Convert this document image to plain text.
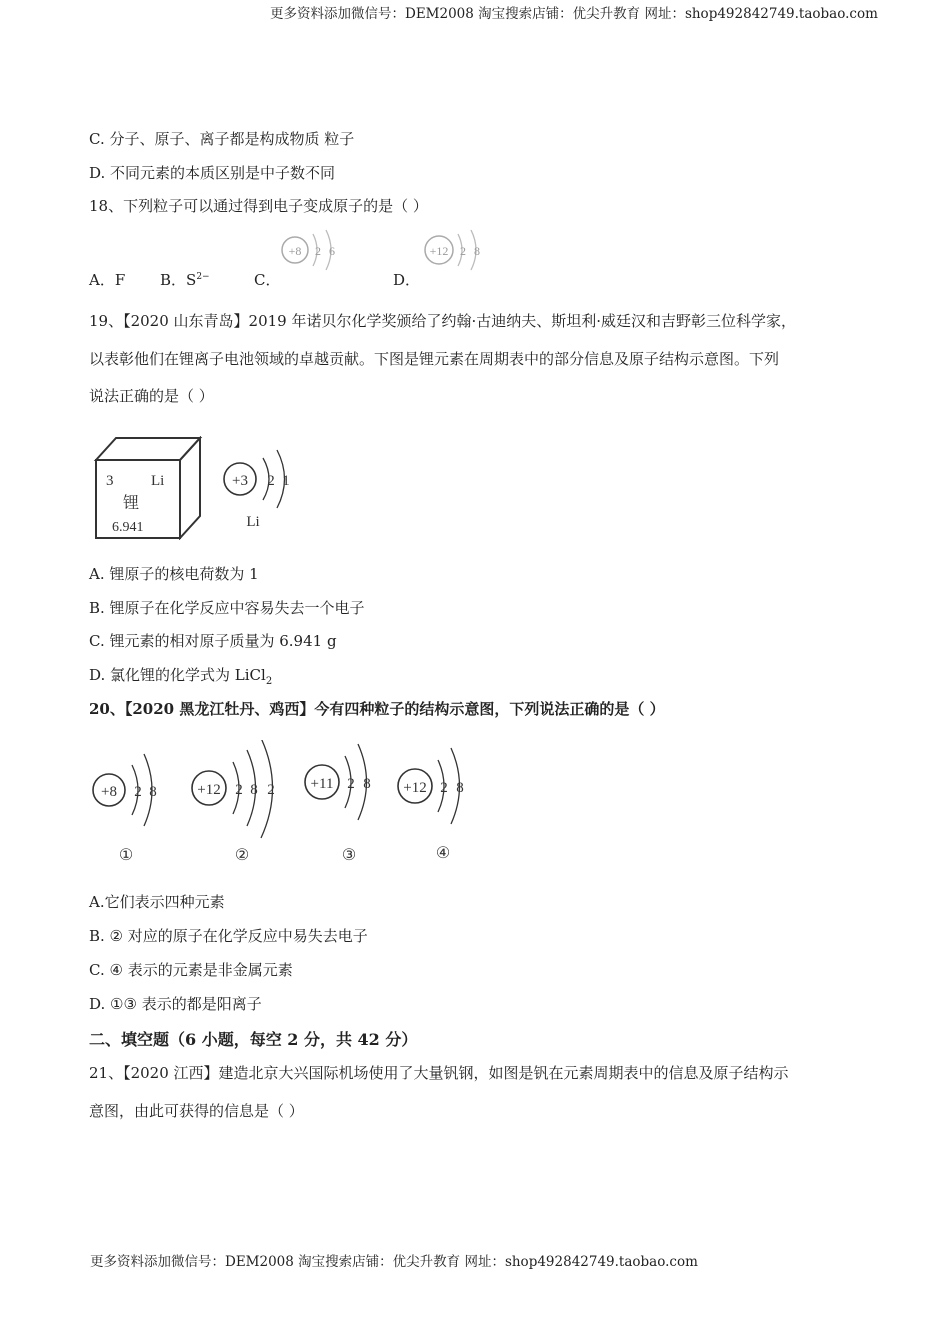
更多资料添加微信号：DEM2008 淘宝搜索店铺：优尖升教育 网址：shop492842749.taobao.com
C. 分子、原子、离子都是构成物质 粒子
D. 不同元素的本质区别是中子数不同
18、下列粒子可以通过得到电子变成原子的是（ ）
A．F B．$S^{2-}$	C．	D．
+8 2 6	+12 2 8
19、【2020 山东青岛】2019 年诺贝尔化学奖颁给了约翰·古迪纳夫、斯坦利·威廷汉和吉野彰三位科学家，
以表彰他们在锂离子电池领域的卓越贡献。下图是锂元素在周期表中的部分信息及原子结构示意图。下列
说法正确的是（ ）
3	Li
锂
6.941
+3 2 1
Li
A. 锂原子的核电荷数为 1
B. 锂原子在化学反应中容易失去一个电子
C. 锂元素的相对原子质量为 6.941 g
D. 氯化锂的化学式为 LiCl$_2$
20、【2020 黑龙江牡丹、鸡西】今有四种粒子的结构示意图，下列说法正确的是（ ）
+8 2 8
①
+12 2 8 2
②
+11 2 8
③
+12 2 8
④
A.它们表示四种元素
B. ② 对应的原子在化学反应中易失去电子
C. ④ 表示的元素是非金属元素
D. ①③ 表示的都是阳离子
二、填空题（6 小题，每空 2 分，共 42 分）
21、【2020 江西】建造北京大兴国际机场使用了大量钒钢，如图是钒在元素周期表中的信息及原子结构示
意图，由此可获得的信息是（ ）
更多资料添加微信号：DEM2008 淘宝搜索店铺：优尖升教育 网址：shop492842749.taobao.com
